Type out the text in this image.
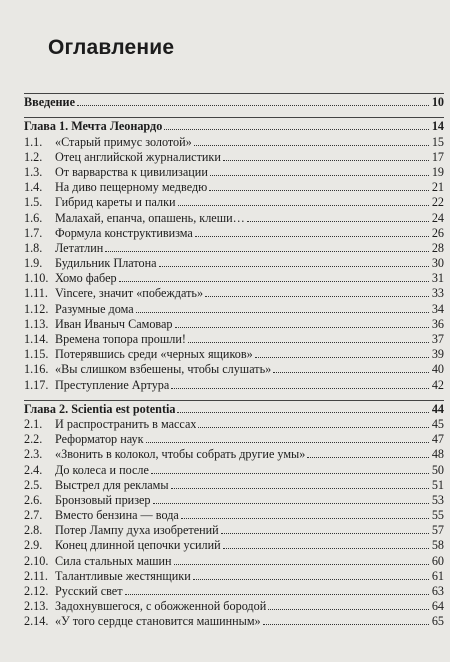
Оглавление
Введение	10
Глава 1. Мечта Леонардо	14
1.1.	«Старый примус золотой»	15
1.2.	Отец английской журналистики	17
1.3.	От варварства к цивилизации	19
1.4.	На диво пещерному медведю	21
1.5.	Гибрид кареты и палки	22
1.6.	Малахай, епанча, опашень, клеши…	24
1.7.	Формула конструктивизма	26
1.8.	Летатлин	28
1.9.	Будильник Платона	30
1.10. Хомо фабер	31
1.11. Vincere, значит «побеждать»	33
1.12. Разумные дома	34
1.13. Иван Иваныч Самовар	36
1.14. Времена топора прошли!	37
1.15. Потерявшись среди «черных ящиков»	39
1.16. «Вы слишком взбешены, чтобы слушать»	40
1.17. Преступление Артура	42
Глава 2. Scientia est potentia	44
2.1.	И распространить в массах	45
2.2.	Реформатор наук	47
2.3.	«Звонить в колокол, чтобы собрать другие умы»	48
2.4.	До колеса и после	50
2.5.	Выстрел для рекламы	51
2.6.	Бронзовый призер	53
2.7.	Вместо бензина — вода	55
2.8.	Потер Лампу духа изобретений	57
2.9.	Конец длинной цепочки усилий	58
2.10. Сила стальных машин	60
2.11. Талантливые жестянщики	61
2.12. Русский свет	63
2.13. Задохнувшегося, с обожженной бородой	64
2.14. «У того сердце становится машинным»	65
